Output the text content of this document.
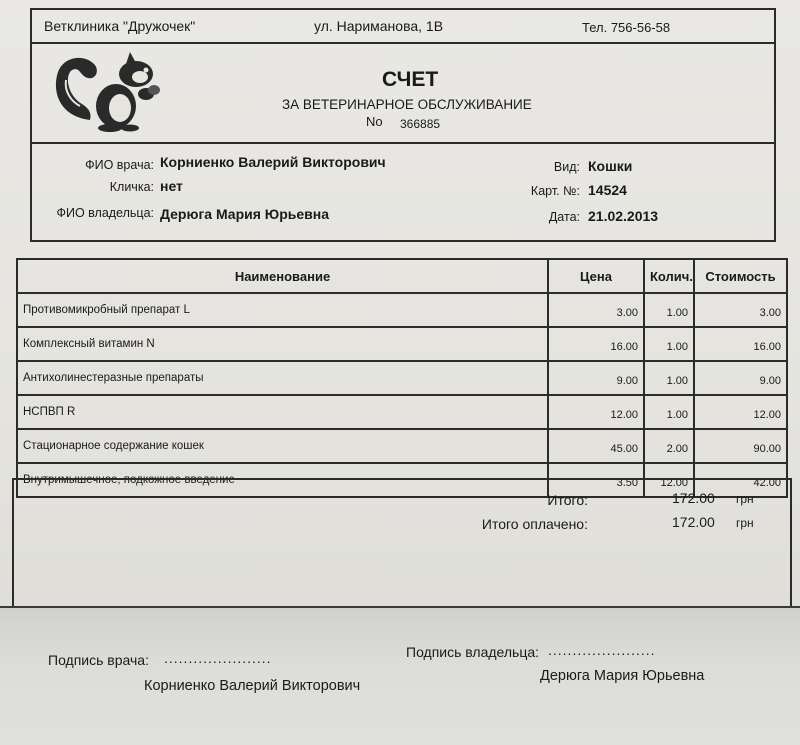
Ветклиника "Дружочек"	ул. Нариманова, 1В	Тел. 756-56-58
СЧЕТ
ЗА ВЕТЕРИНАРНОЕ ОБСЛУЖИВАНИЕ
No 366885
ФИО врача: Корниенко Валерий Викторович
Кличка: нет
ФИО владельца: Дерюга Мария Юрьевна
Вид: Кошки
Карт. №: 14524
Дата: 21.02.2013
Наименование	Цена	Колич.	Стоимость
Противомикробный препарат L	3.00	1.00	3.00
Комплексный витамин N	16.00	1.00	16.00
Антихолинестеразные препараты	9.00	1.00	9.00
НСПВП R	12.00	1.00	12.00
Стационарное содержание кошек	45.00	2.00	90.00
Внутримышечное, подкожное введение	3.50	12.00	42.00
Итого:	172.00 грн
Итого оплачено:	172.00 грн
Подпись врача: ......................
Корниенко Валерий Викторович
Подпись владельца: ......................
Дерюга Мария Юрьевна
